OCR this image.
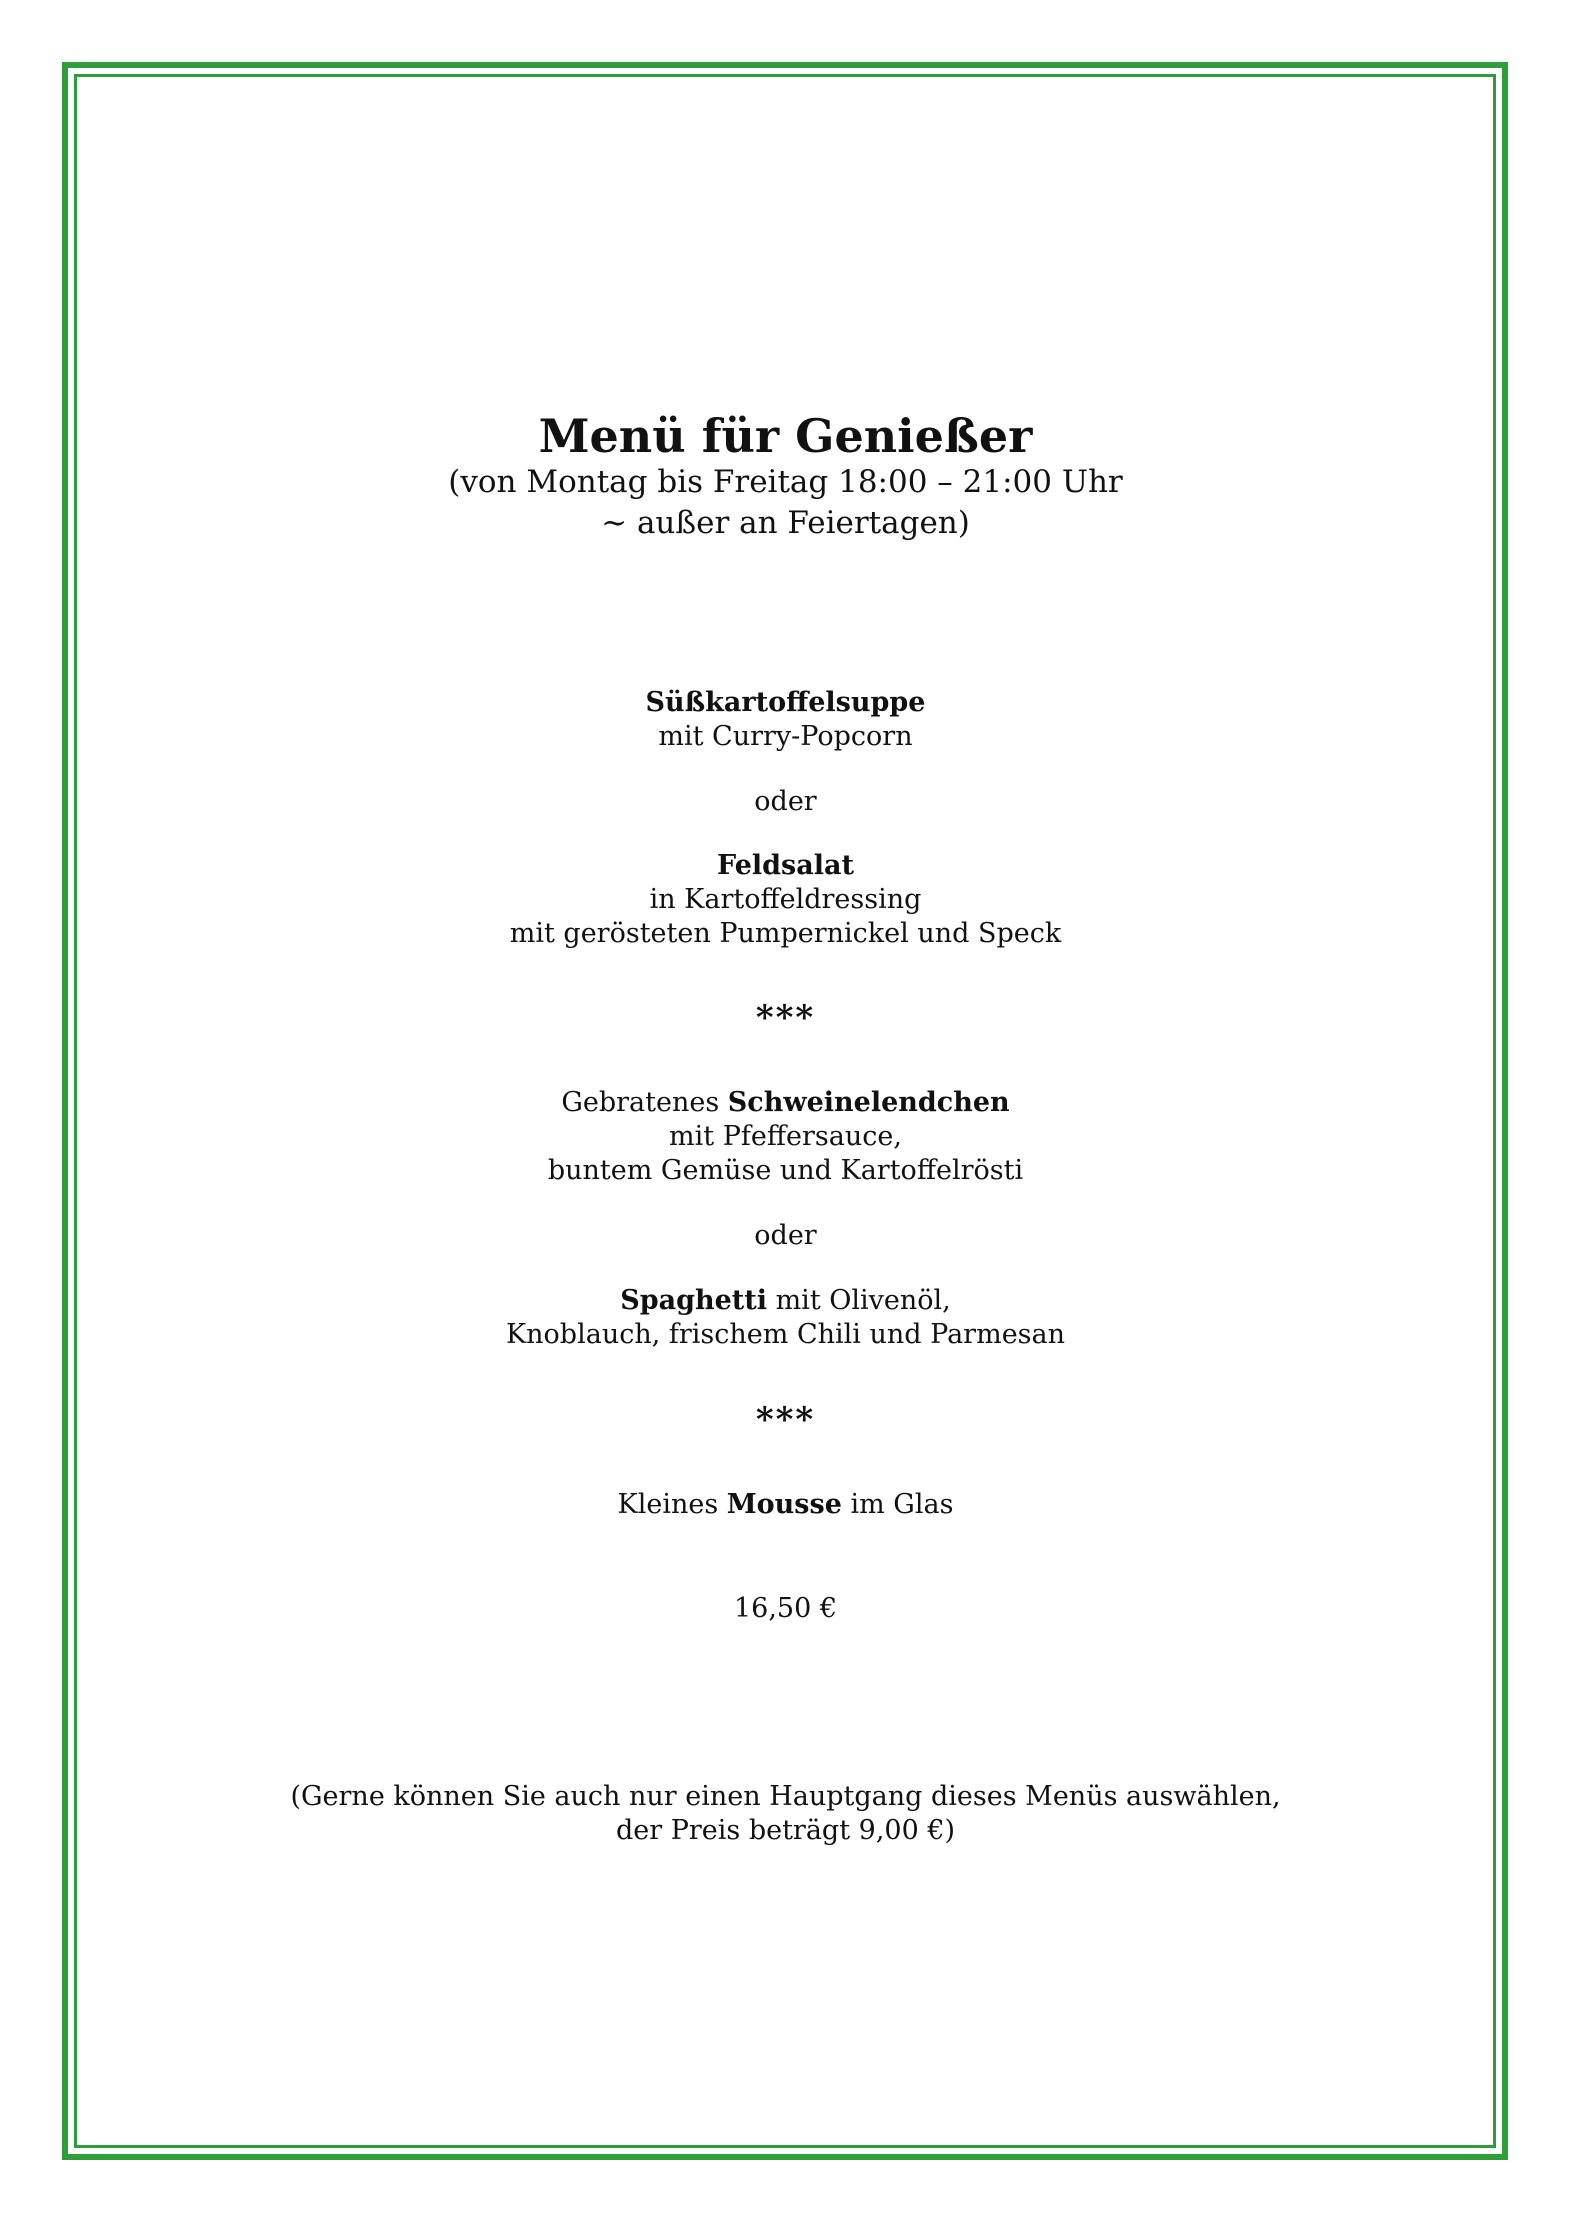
Menü für Genießer
(von Montag bis Freitag 18:00 – 21:00 Uhr
~ außer an Feiertagen)
Süßkartoffelsuppe
mit Curry-Popcorn
oder
Feldsalat
in Kartoffeldressing
mit gerösteten Pumpernickel und Speck
***
Gebratenes Schweinelendchen
mit Pfeffersauce,
buntem Gemüse und Kartoffelrösti
oder
Spaghetti mit Olivenöl,
Knoblauch, frischem Chili und Parmesan
***
Kleines Mousse im Glas
16,50 €
(Gerne können Sie auch nur einen Hauptgang dieses Menüs auswählen,
der Preis beträgt 9,00 €)
